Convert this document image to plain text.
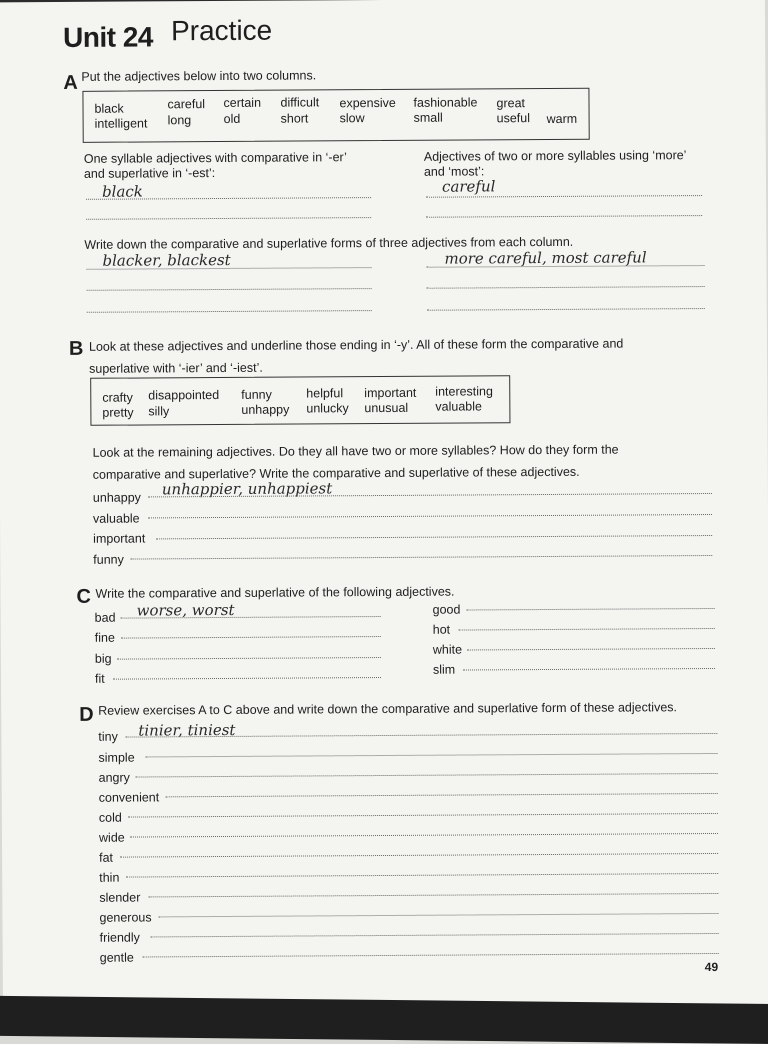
Unit 24 Practice
A Put the adjectives below into two columns.
black
intelligent
careful
long
certain
old
difficult
short
expensive
slow
fashionable
small
great
useful warm
One syllable adjectives with comparative in ‘-er’
and superlative in ‘-est’:
Adjectives of two or more syllables using ‘more’
and ‘most’:
black	careful
Write down the comparative and superlative forms of three adjectives from each column.
blacker, blackest	more careful, most careful
B Look at these adjectives and underline those ending in ‘-y’. All of these form the comparative and
superlative with ‘-ier’ and ‘-iest’.
crafty
pretty
disappointed
silly
funny
unhappy
helpful
unlucky
important
unusual
interesting
valuable
Look at the remaining adjectives. Do they all have two or more syllables? How do they form the
comparative and superlative? Write the comparative and superlative of these adjectives.
unhappy unhappier, unhappiest
valuable
important
funny
C Write the comparative and superlative of the following adjectives.
bad worse, worst
fine
big
fit
good
hot
white
slim
D Review exercises A to C above and write down the comparative and superlative form of these adjectives.
tiny tinier, tiniest
simple
angry
convenient
cold
wide
fat
thin
slender
generous
friendly
gentle
49
